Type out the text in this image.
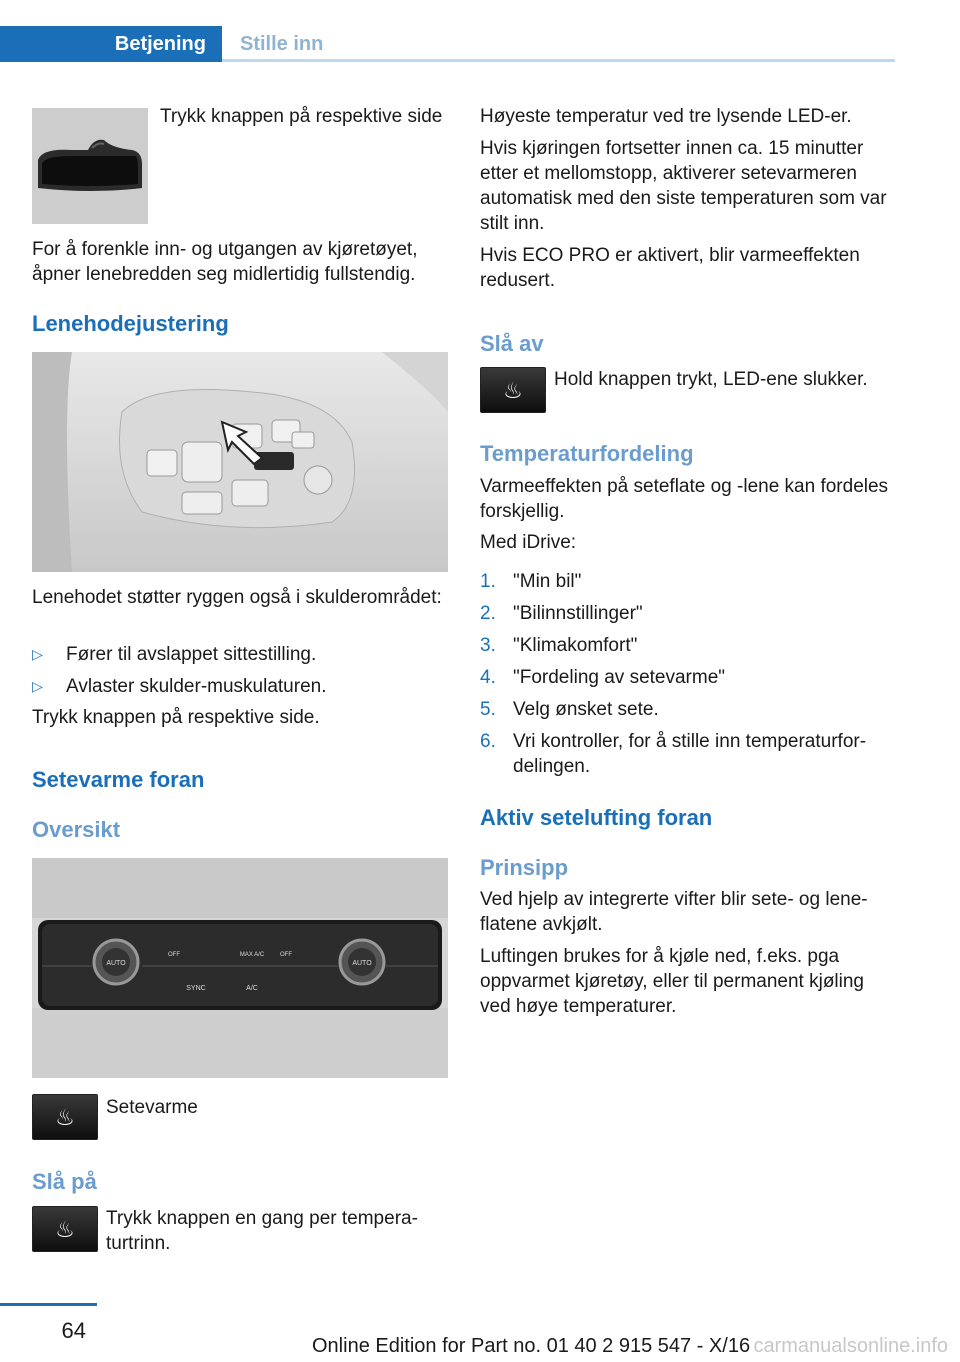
Betjening	Stille inn

Trykk knappen på respektive side

For å forenkle inn- og utgangen av kjøretøyet, åpner lenebredden seg midlertidig fullstendig.

Lenehodejustering

Lenehodet støtter ryggen også i skulderområdet:

▷ Fører til avslappet sittestilling.
▷ Avlaster skulder-muskulaturen.

Trykk knappen på respektive side.

Setevarme foran
Oversikt
AUTO	AUTO
SYNC	A/C
MAX A/C
OFF	OFF
♨	Setevarme

Slå på
♨	Trykk knappen en gang per temperaturtrinn.

Høyeste temperatur ved tre lysende LED-er.

Hvis kjøringen fortsetter innen ca. 15 minutter etter et mellomstopp, aktiverer setevarmeren automatisk med den siste temperaturen som var stilt inn.

Hvis ECO PRO er aktivert, blir varmeeffekten redusert.

Slå av
♨	Hold knappen trykt, LED-ene slukker.

Temperaturfordeling

Varmeeffekten på seteflate og -lene kan fordeles forskjellig.

Med iDrive:

1. "Min bil"
2. "Bilinnstillinger"
3. "Klimakomfort"
4. "Fordeling av setevarme"
5. Velg ønsket sete.
6. Vri kontroller, for å stille inn temperaturfordelingen.
Aktiv setelufting foran
Prinsipp

Ved hjelp av integrerte vifter blir sete- og leneflatene avkjølt.

Luftingen brukes for å kjøle ned, f.eks. pga oppvarmet kjøretøy, eller til permanent kjøling ved høye temperaturer.

64
Online Edition for Part no. 01 40 2 915 547 - X/16 carmanualsonline.info
